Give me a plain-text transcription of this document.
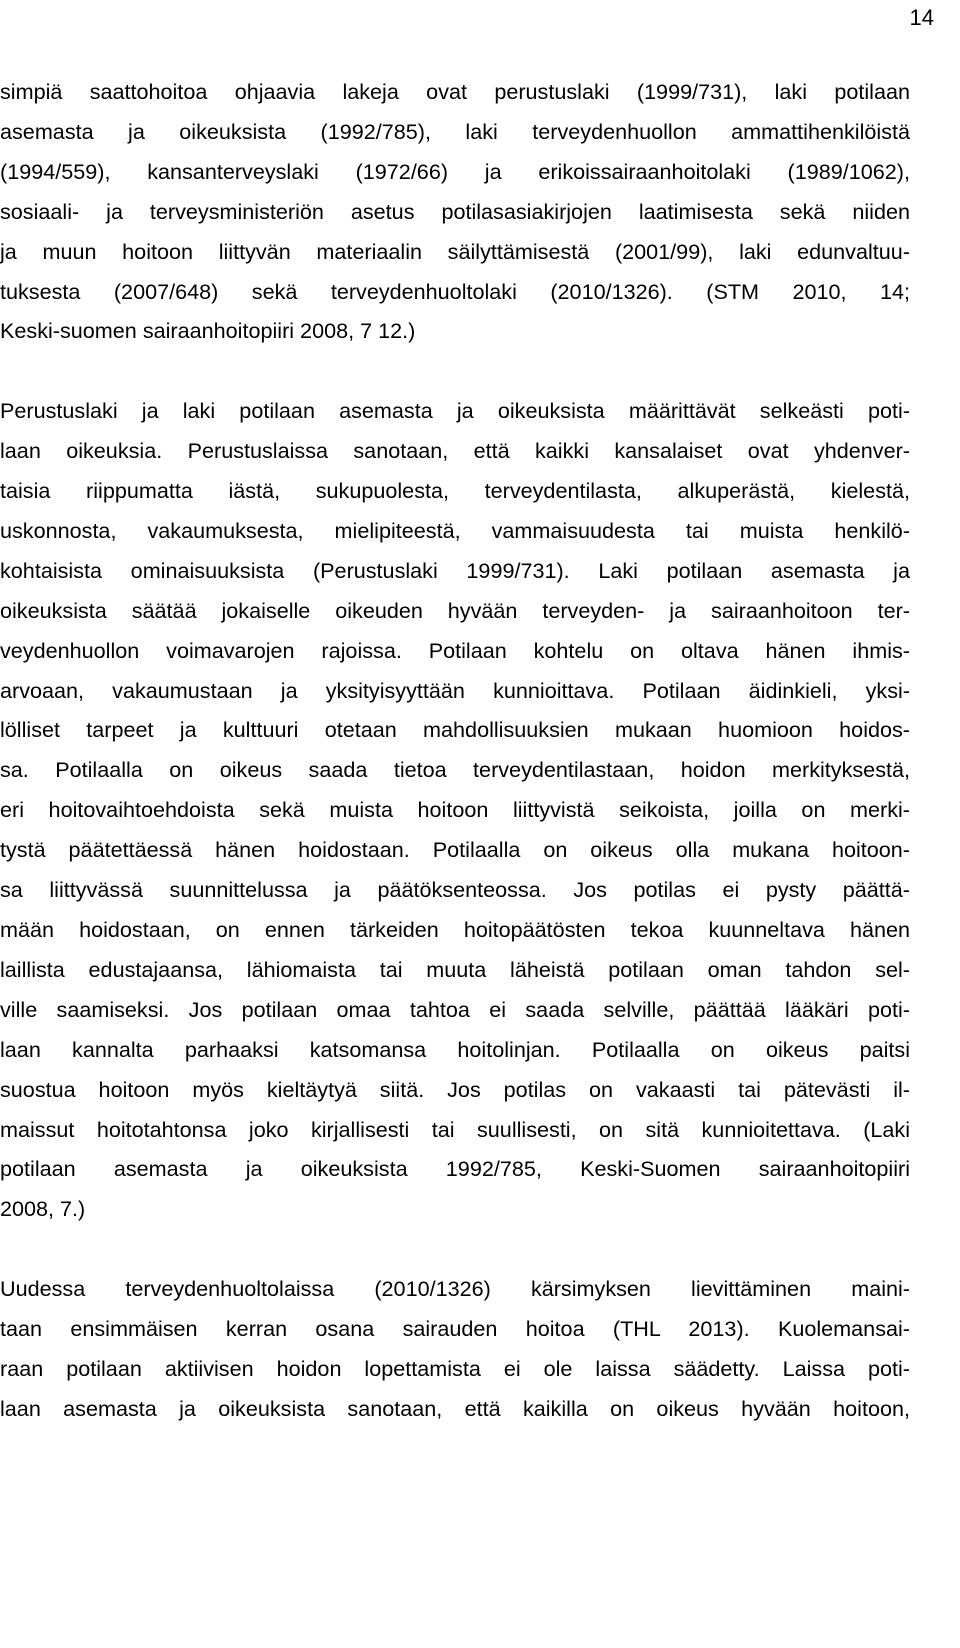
14
simpiä saattohoitoa ohjaavia lakeja ovat perustuslaki (1999/731), laki potilaan
asemasta ja oikeuksista (1992/785), laki terveydenhuollon ammattihenkilöistä
(1994/559), kansanterveyslaki (1972/66) ja erikoissairaanhoitolaki (1989/1062),
sosiaali- ja terveysministeriön asetus potilasasiakirjojen laatimisesta sekä niiden
ja muun hoitoon liittyvän materiaalin säilyttämisestä (2001/99), laki edunvaltuu-
tuksesta (2007/648) sekä terveydenhuoltolaki (2010/1326). (STM 2010, 14;
Keski-suomen sairaanhoitopiiri 2008, 7 12.)
Perustuslaki ja laki potilaan asemasta ja oikeuksista määrittävät selkeästi poti-
laan oikeuksia. Perustuslaissa sanotaan, että kaikki kansalaiset ovat yhdenver-
taisia riippumatta iästä, sukupuolesta, terveydentilasta, alkuperästä, kielestä,
uskonnosta, vakaumuksesta, mielipiteestä, vammaisuudesta tai muista henkilö-
kohtaisista ominaisuuksista (Perustuslaki 1999/731). Laki potilaan asemasta ja
oikeuksista säätää jokaiselle oikeuden hyvään terveyden- ja sairaanhoitoon ter-
veydenhuollon voimavarojen rajoissa. Potilaan kohtelu on oltava hänen ihmis-
arvoaan, vakaumustaan ja yksityisyyttään kunnioittava. Potilaan äidinkieli, yksi-
lölliset tarpeet ja kulttuuri otetaan mahdollisuuksien mukaan huomioon hoidos-
sa. Potilaalla on oikeus saada tietoa terveydentilastaan, hoidon merkityksestä,
eri hoitovaihtoehdoista sekä muista hoitoon liittyvistä seikoista, joilla on merki-
tystä päätettäessä hänen hoidostaan. Potilaalla on oikeus olla mukana hoitoon-
sa liittyvässä suunnittelussa ja päätöksenteossa. Jos potilas ei pysty päättä-
mään hoidostaan, on ennen tärkeiden hoitopäätösten tekoa kuunneltava hänen
laillista edustajaansa, lähiomaista tai muuta läheistä potilaan oman tahdon sel-
ville saamiseksi. Jos potilaan omaa tahtoa ei saada selville, päättää lääkäri poti-
laan kannalta parhaaksi katsomansa hoitolinjan. Potilaalla on oikeus paitsi
suostua hoitoon myös kieltäytyä siitä. Jos potilas on vakaasti tai pätevästi il-
maissut hoitotahtonsa joko kirjallisesti tai suullisesti, on sitä kunnioitettava. (Laki
potilaan asemasta ja oikeuksista 1992/785, Keski-Suomen sairaanhoitopiiri
2008, 7.)
Uudessa terveydenhuoltolaissa (2010/1326) kärsimyksen lievittäminen maini-
taan ensimmäisen kerran osana sairauden hoitoa (THL 2013). Kuolemansai-
raan potilaan aktiivisen hoidon lopettamista ei ole laissa säädetty. Laissa poti-
laan asemasta ja oikeuksista sanotaan, että kaikilla on oikeus hyvään hoitoon,
